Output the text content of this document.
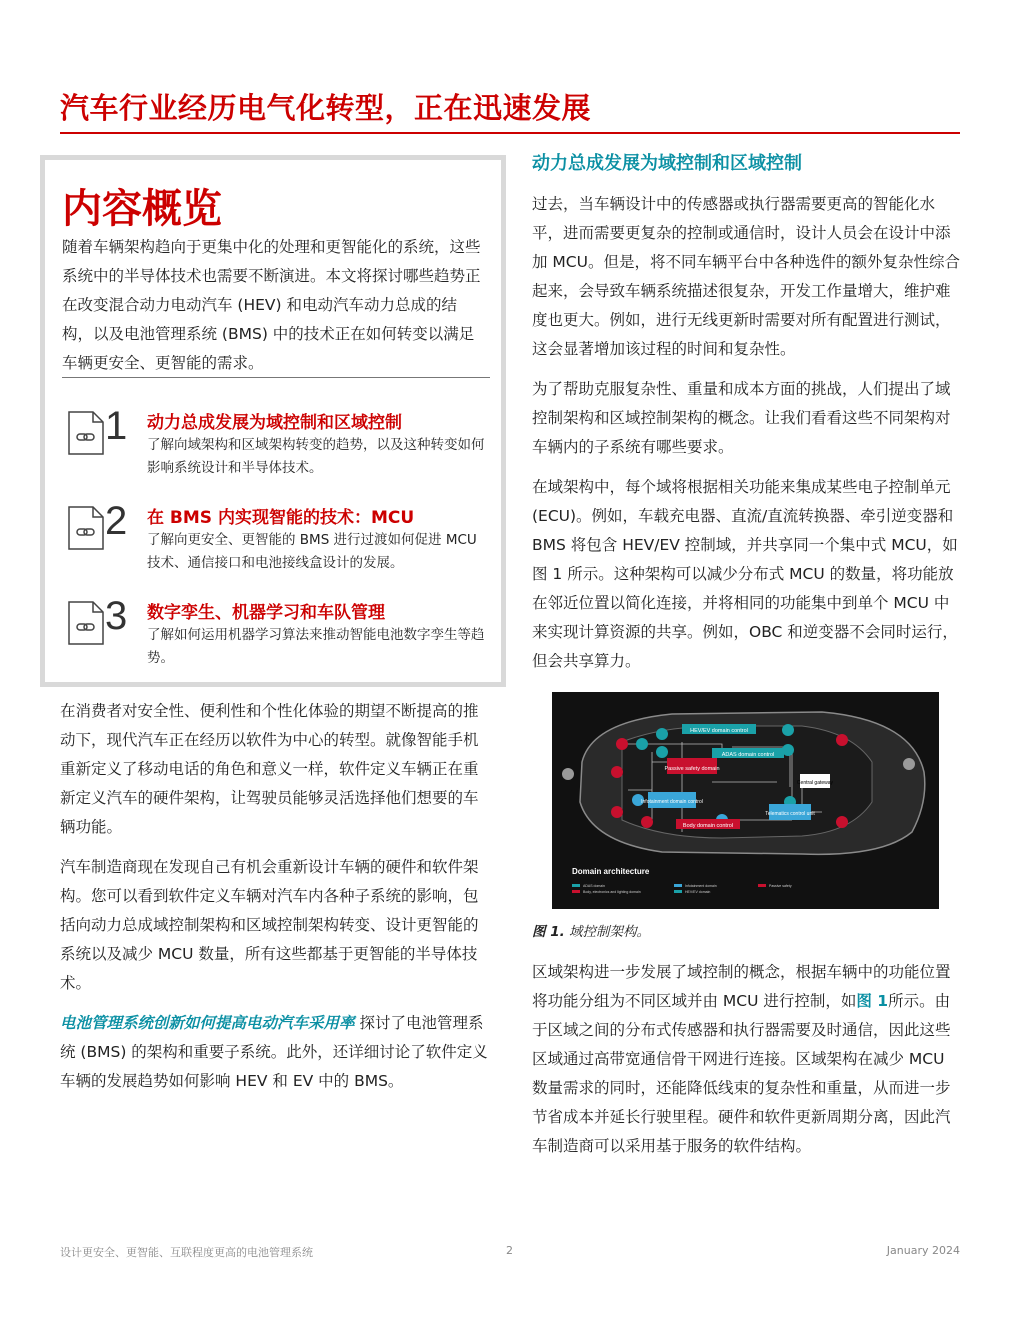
汽车行业经历电气化转型，正在迅速发展
内容概览
随着车辆架构趋向于更集中化的处理和更智能化的系统，这些系统中的半导体技术也需要不断演进。本文将探讨哪些趋势正在改变混合动力电动汽车 (HEV) 和电动汽车动力总成的结构，以及电池管理系统 (BMS) 中的技术正在如何转变以满足车辆更安全、更智能的需求。
1 动力总成发展为域控制和区域控制
了解向域架构和区域架构转变的趋势，以及这种转变如何影响系统设计和半导体技术。
2 在 BMS 内实现智能的技术：MCU
了解向更安全、更智能的 BMS 进行过渡如何促进 MCU 技术、通信接口和电池接线盒设计的发展。
3 数字孪生、机器学习和车队管理
了解如何运用机器学习算法来推动智能电池数字孪生等趋势。

在消费者对安全性、便利性和个性化体验的期望不断提高的推动下，现代汽车正在经历以软件为中心的转型。就像智能手机重新定义了移动电话的角色和意义一样，软件定义车辆正在重新定义汽车的硬件架构，让驾驶员能够灵活选择他们想要的车辆功能。

汽车制造商现在发现自己有机会重新设计车辆的硬件和软件架构。您可以看到软件定义车辆对汽车内各种子系统的影响，包括向动力总成域控制架构和区域控制架构转变、设计更智能的系统以及减少 MCU 数量，所有这些都基于更智能的半导体技术。

电池管理系统创新如何提高电动汽车采用率 探讨了电池管理系统 (BMS) 的架构和重要子系统。此外，还详细讨论了软件定义车辆的发展趋势如何影响 HEV 和 EV 中的 BMS。

动力总成发展为域控制和区域控制

过去，当车辆设计中的传感器或执行器需要更高的智能化水平，进而需要更复杂的控制或通信时，设计人员会在设计中添加 MCU。但是，将不同车辆平台中各种选件的额外复杂性综合起来，会导致车辆系统描述很复杂，开发工作量增大，维护难度也更大。例如，进行无线更新时需要对所有配置进行测试，这会显著增加该过程的时间和复杂性。

为了帮助克服复杂性、重量和成本方面的挑战，人们提出了域控制架构和区域控制架构的概念。让我们看看这些不同架构对车辆内的子系统有哪些要求。

在域架构中，每个域将根据相关功能来集成某些电子控制单元 (ECU)。例如，车载充电器、直流/直流转换器、牵引逆变器和 BMS 将包含 HEV/EV 控制域，并共享同一个集中式 MCU，如图 1 所示。这种架构可以减少分布式 MCU 的数量，将功能放在邻近位置以简化连接，并将相同的功能集中到单个 MCU 中来实现计算资源的共享。例如，OBC 和逆变器不会同时运行，但会共享算力。

HEV/EV domain control
ADAS domain control
Passive safety domain
Central gateway
Infotainment domain control
Telematics control unit
Body domain control
Domain architecture
ADAS domain
Body, electronics and lighting domain
Infotainment domain
HEV/EV domain
Passive safety
图 1. 域控制架构。

区域架构进一步发展了域控制的概念，根据车辆中的功能位置将功能分组为不同区域并由 MCU 进行控制，如图 1所示。由于区域之间的分布式传感器和执行器需要及时通信，因此这些区域通过高带宽通信骨干网进行连接。区域架构在减少 MCU 数量需求的同时，还能降低线束的复杂性和重量，从而进一步节省成本并延长行驶里程。硬件和软件更新周期分离，因此汽车制造商可以采用基于服务的软件结构。

设计更安全、更智能、互联程度更高的电池管理系统	2	January 2024
